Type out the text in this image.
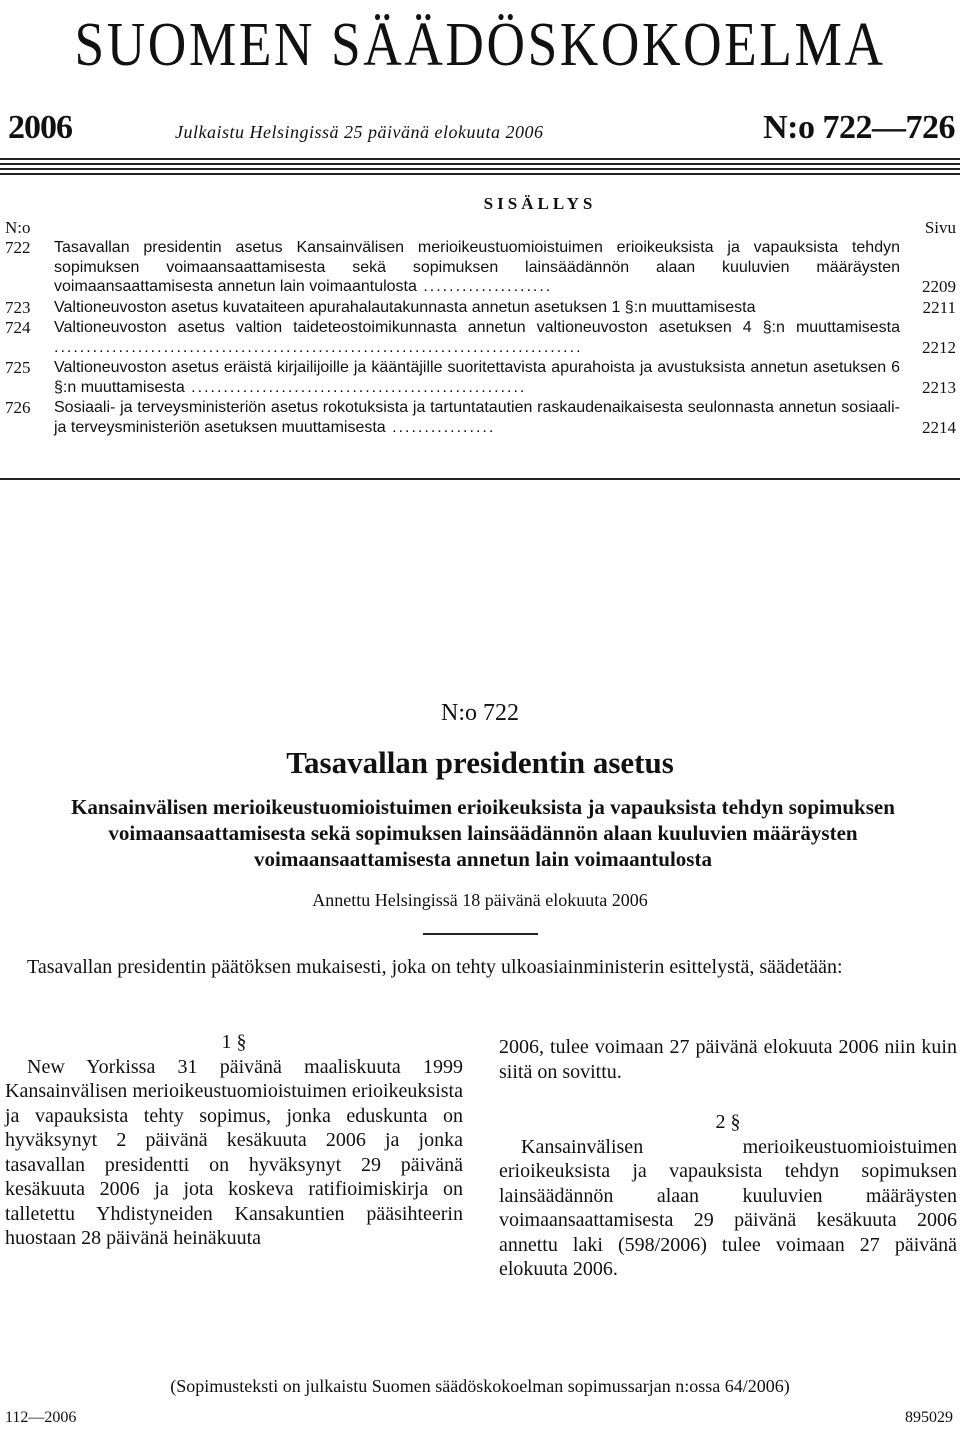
SUOMEN SÄÄDÖSKOKOELMA
2006	Julkaistu Helsingissä 25 päivänä elokuuta 2006	N:o 722—726
SISÄLLYS
N:o	Sivu
722 Tasavallan presidentin asetus Kansainvälisen merioikeustuomioistuimen erioikeuksista ja vapauksista tehdyn sopimuksen voimaansaattamisesta sekä sopimuksen lainsäädännön alaan kuuluvien määräysten voimaansaattamisesta annetun lain voimaantulosta ....................	2209
723 Valtioneuvoston asetus kuvataiteen apurahalautakunnasta annetun asetuksen 1 §:n muuttamisesta	2211
724 Valtioneuvoston asetus valtion taideteostoimikunnasta annetun valtioneuvoston asetuksen 4 §:n muuttamisesta ..................................................................................	2212
725 Valtioneuvoston asetus eräistä kirjailijoille ja kääntäjille suoritettavista apurahoista ja avustuksista annetun asetuksen 6 §:n muuttamisesta ....................................................	2213
726 Sosiaali- ja terveysministeriön asetus rokotuksista ja tartuntatautien raskaudenaikaisesta seulonnasta annetun sosiaali- ja terveysministeriön asetuksen muuttamisesta ................	2214
N:o 722
Tasavallan presidentin asetus
Kansainvälisen merioikeustuomioistuimen erioikeuksista ja vapauksista tehdyn sopimuksen voimaansaattamisesta sekä sopimuksen lainsäädännön alaan kuuluvien määräysten voimaansaattamisesta annetun lain voimaantulosta
Annettu Helsingissä 18 päivänä elokuuta 2006
Tasavallan presidentin päätöksen mukaisesti, joka on tehty ulkoasiainministerin esittelystä, säädetään:
1 §

New Yorkissa 31 päivänä maaliskuuta 1999 Kansainvälisen merioikeustuomioistuimen erioikeuksista ja vapauksista tehty sopimus, jonka eduskunta on hyväksynyt 2 päivänä kesäkuuta 2006 ja jonka tasavallan presidentti on hyväksynyt 29 päivänä kesäkuuta 2006 ja jota koskeva ratifioimiskirja on talletettu Yhdistyneiden Kansakuntien pääsihteerin huostaan 28 päivänä heinäkuuta

2006, tulee voimaan 27 päivänä elokuuta 2006 niin kuin siitä on sovittu.

2 §

Kansainvälisen merioikeustuomioistuimen erioikeuksista ja vapauksista tehdyn sopimuksen lainsäädännön alaan kuuluvien määräysten voimaansaattamisesta 29 päivänä kesäkuuta 2006 annettu laki (598/2006) tulee voimaan 27 päivänä elokuuta 2006.

(Sopimusteksti on julkaistu Suomen säädöskokoelman sopimussarjan n:ossa 64/2006)
112—2006	895029
